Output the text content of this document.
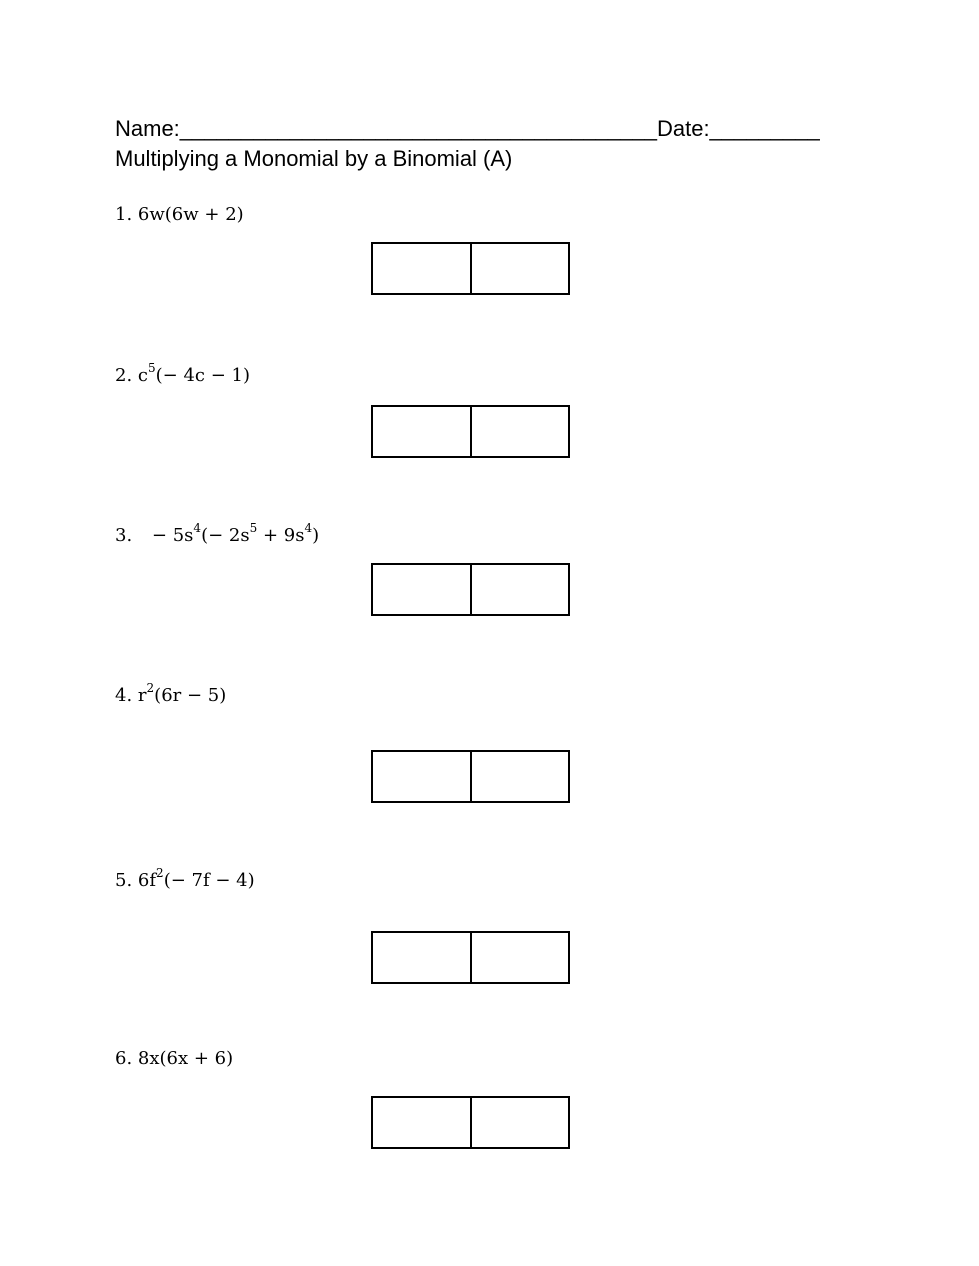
Name:_______________________________________Date:_________
Multiplying a Monomial by a Binomial (A)
1. 6w(6w + 2)
2. $c^5(- 4c - 1)$
3. − $5s^4(- 2s^5 + 9s^4)$
4. $r^2(6r - 5)$
5. $6f^2(- 7f - 4)$
6. 8x(6x + 6)
